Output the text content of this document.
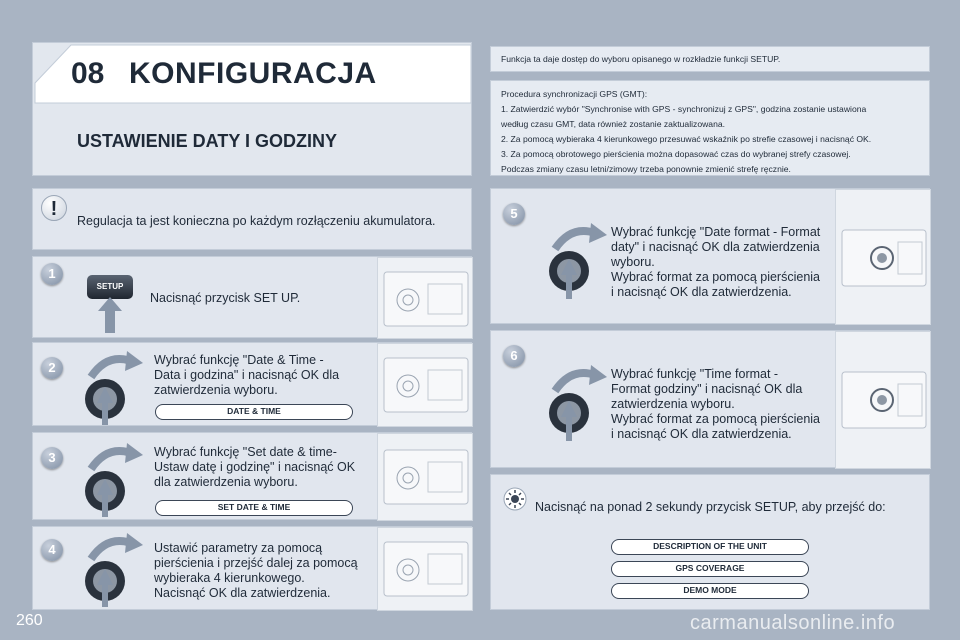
08 KONFIGURACJA
USTAWIENIE DATY I GODZINY
Funkcja ta daje dostęp do wyboru opisanego w rozkładzie funkcji SETUP.
Procedura synchronizacji GPS (GMT):
1. Zatwierdzić wybór "Synchronise with GPS - synchronizuj z GPS", godzina zostanie ustawiona
według czasu GMT, data również zostanie zaktualizowana.
2. Za pomocą wybieraka 4 kierunkowego przesuwać wskaźnik po strefie czasowej i nacisnąć OK.
3. Za pomocą obrotowego pierścienia można dopasować czas do wybranej strefy czasowej.
Podczas zmiany czasu letni/zimowy trzeba ponownie zmienić strefę ręcznie.
!
Regulacja ta jest konieczna po każdym rozłączeniu akumulatora.
1
SETUP
Nacisnąć przycisk SET UP.
2	Wybrać funkcję "Date & Time -
Data i godzina" i nacisnąć OK dla
zatwierdzenia wyboru.
DATE & TIME
3	Wybrać funkcję "Set date & time-
Ustaw datę i godzinę" i nacisnąć OK
dla zatwierdzenia wyboru.
SET DATE & TIME
4	Ustawić parametry za pomocą
pierścienia i przejść dalej za pomocą
wybieraka 4 kierunkowego.
Nacisnąć OK dla zatwierdzenia.
5
Wybrać funkcję "Date format - Format
daty" i nacisnąć OK dla zatwierdzenia
wyboru.
Wybrać format za pomocą pierścienia
i nacisnąć OK dla zatwierdzenia.
6
Wybrać funkcję "Time format -
Format godziny" i nacisnąć OK dla
zatwierdzenia wyboru.
Wybrać format za pomocą pierścienia
i nacisnąć OK dla zatwierdzenia.
Nacisnąć na ponad 2 sekundy przycisk SETUP, aby przejść do:
DESCRIPTION OF THE UNIT
GPS COVERAGE
DEMO MODE
260	carmanualsonline.info
